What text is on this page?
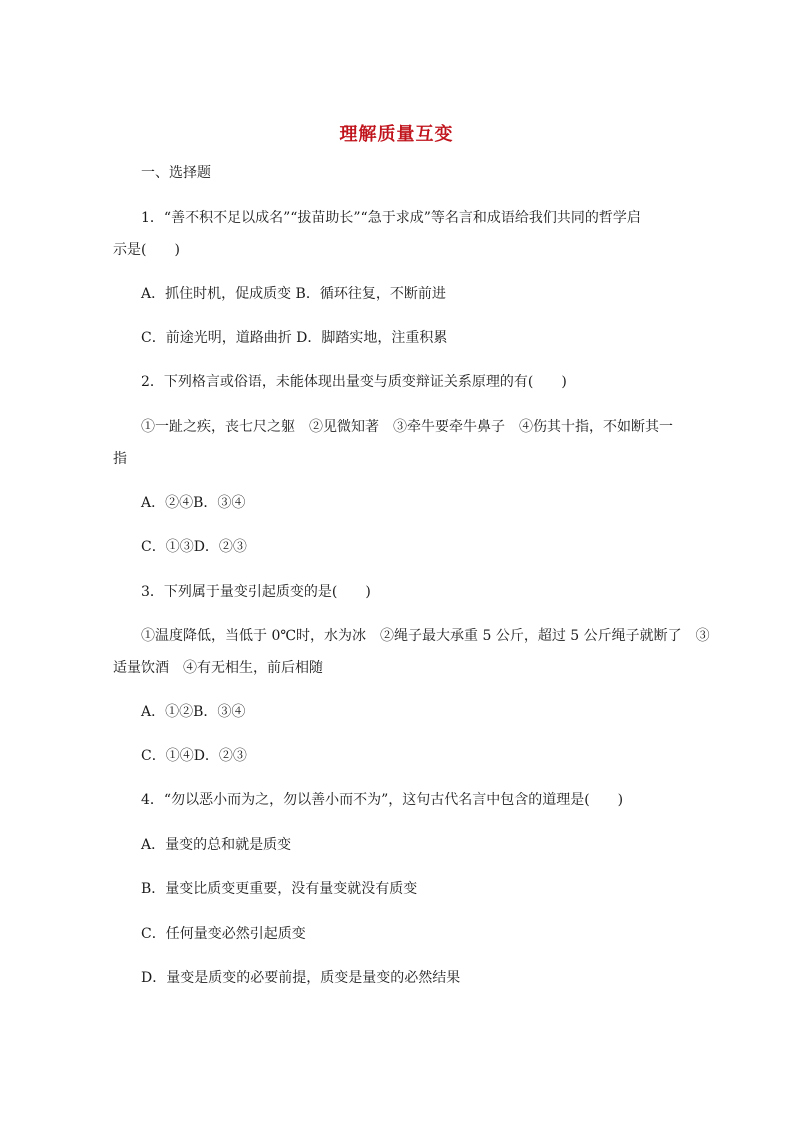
理解质量互变
一、选择题
1．“善不积不足以成名”“拔苗助长”“急于求成”等名言和成语给我们共同的哲学启
示是(　　)
A．抓住时机，促成质变 B．循环往复，不断前进
C．前途光明，道路曲折 D．脚踏实地，注重积累
2．下列格言或俗语，未能体现出量变与质变辩证关系原理的有(　　)
①一趾之疾，丧七尺之躯　②见微知著　③牵牛要牵牛鼻子　④伤其十指，不如断其一
指
A．②④B．③④
C．①③D．②③
3．下列属于量变引起质变的是(　　)
①温度降低，当低于 0℃时，水为冰　②绳子最大承重 5 公斤，超过 5 公斤绳子就断了　③
适量饮酒　④有无相生，前后相随
A．①②B．③④
C．①④D．②③
4．“勿以恶小而为之，勿以善小而不为”，这句古代名言中包含的道理是(　　)
A．量变的总和就是质变
B．量变比质变更重要，没有量变就没有质变
C．任何量变必然引起质变
D．量变是质变的必要前提，质变是量变的必然结果
